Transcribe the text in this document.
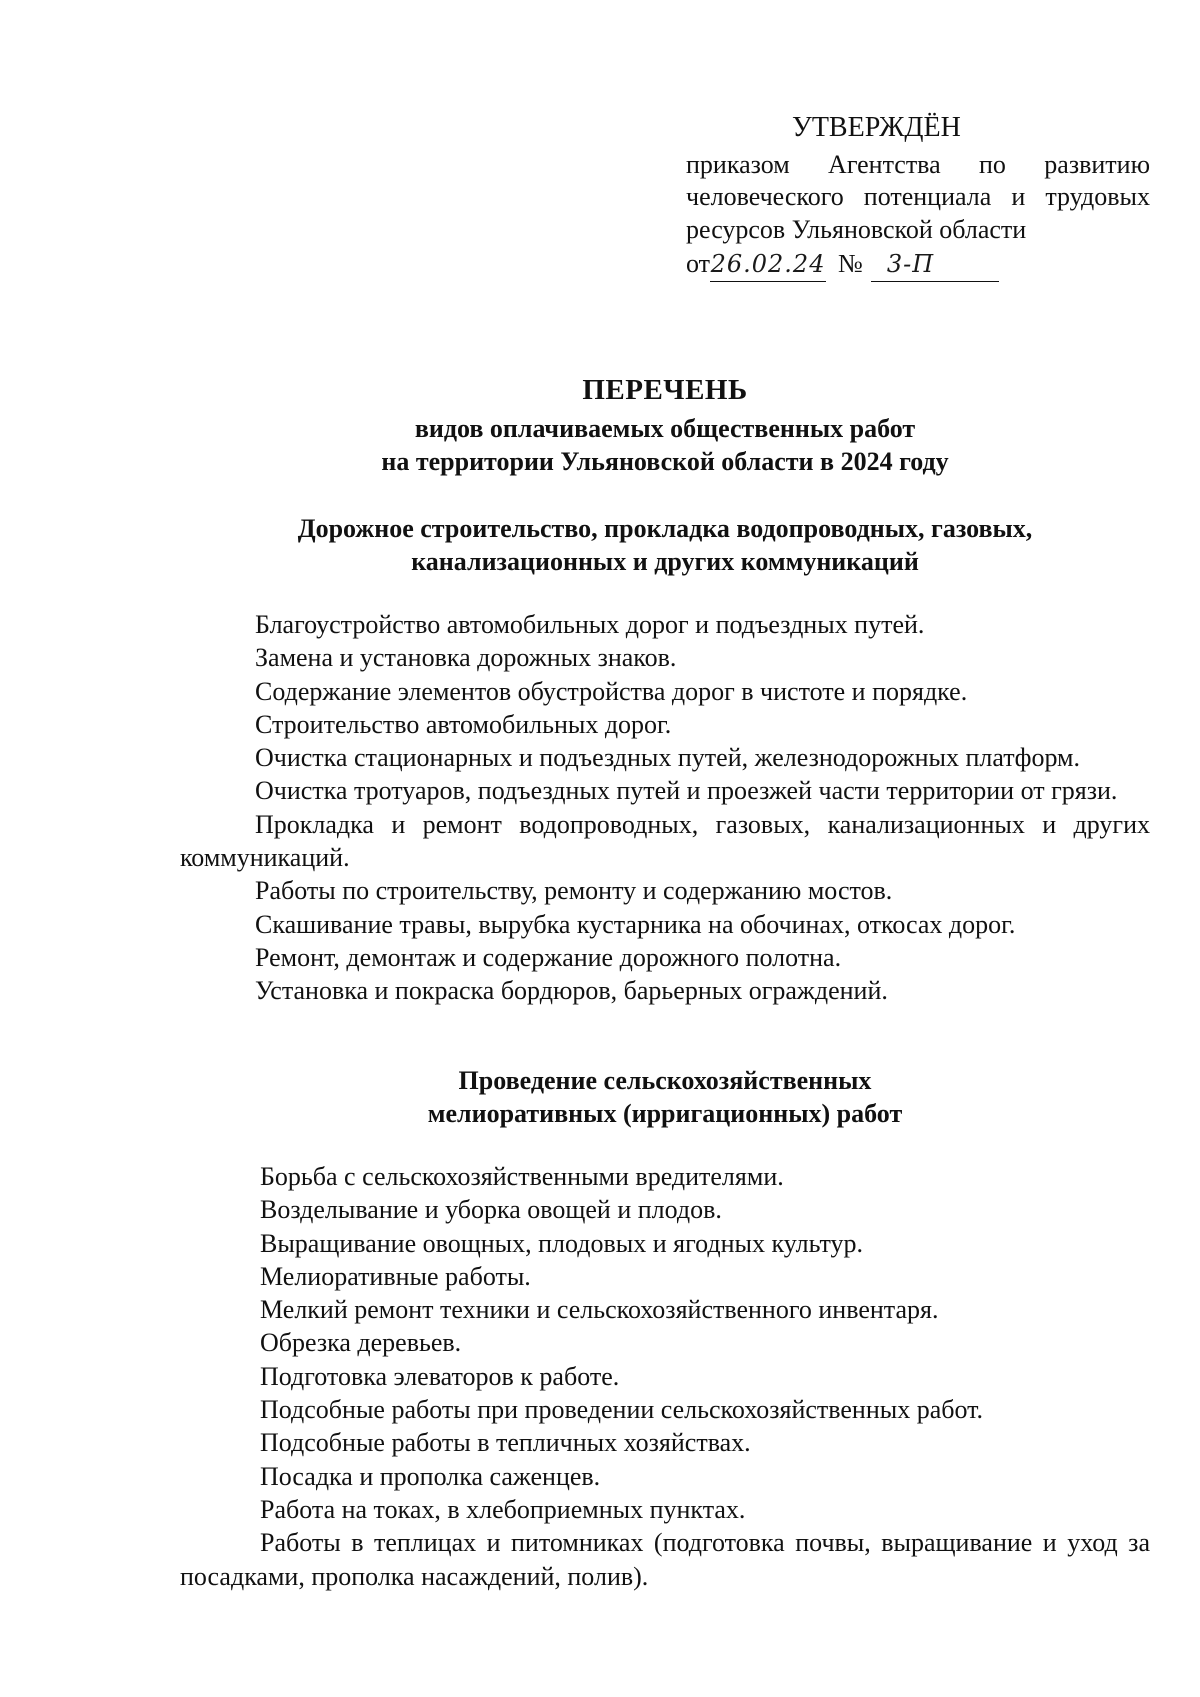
УТВЕРЖДЁН
приказом Агентства по развитию человеческого потенциала и трудовых ресурсов Ульяновской области
от26.02.24 № 3-П
ПЕРЕЧЕНЬ
видов оплачиваемых общественных работ
на территории Ульяновской области в 2024 году
Дорожное строительство, прокладка водопроводных, газовых,
канализационных и других коммуникаций
Благоустройство автомобильных дорог и подъездных путей.
Замена и установка дорожных знаков.
Содержание элементов обустройства дорог в чистоте и порядке.
Строительство автомобильных дорог.
Очистка стационарных и подъездных путей, железнодорожных платформ.
Очистка тротуаров, подъездных путей и проезжей части территории от грязи.
Прокладка и ремонт водопроводных, газовых, канализационных и других коммуникаций.
Работы по строительству, ремонту и содержанию мостов.
Скашивание травы, вырубка кустарника на обочинах, откосах дорог.
Ремонт, демонтаж и содержание дорожного полотна.
Установка и покраска бордюров, барьерных ограждений.
Проведение сельскохозяйственных
мелиоративных (ирригационных) работ
Борьба с сельскохозяйственными вредителями.
Возделывание и уборка овощей и плодов.
Выращивание овощных, плодовых и ягодных культур.
Мелиоративные работы.
Мелкий ремонт техники и сельскохозяйственного инвентаря.
Обрезка деревьев.
Подготовка элеваторов к работе.
Подсобные работы при проведении сельскохозяйственных работ.
Подсобные работы в тепличных хозяйствах.
Посадка и прополка саженцев.
Работа на токах, в хлебоприемных пунктах.
Работы в теплицах и питомниках (подготовка почвы, выращивание и уход за посадками, прополка насаждений, полив).
